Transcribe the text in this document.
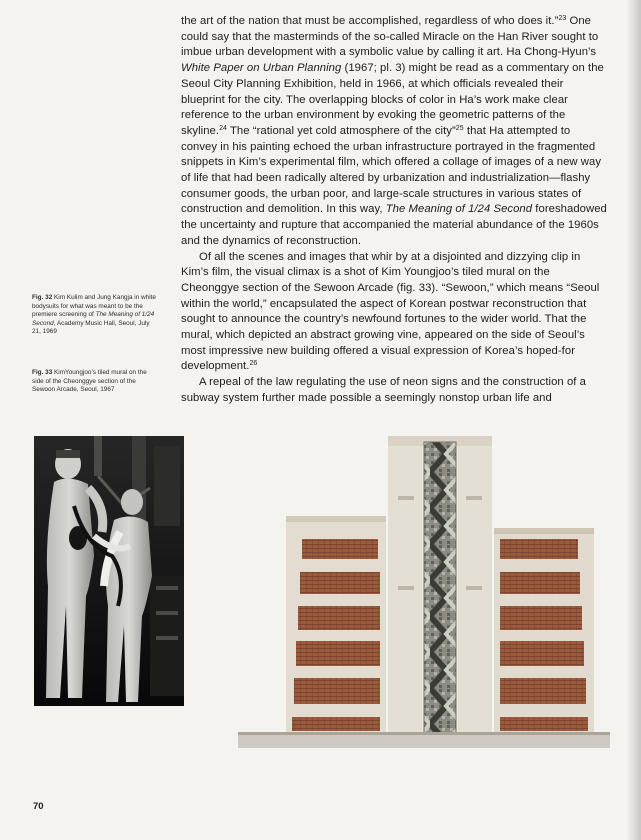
the art of the nation that must be accomplished, regardless of who does it.”$^{23}$ One could say that the masterminds of the so-called Miracle on the Han River sought to imbue urban development with a symbolic value by calling it art. Ha Chong-Hyun’s White Paper on Urban Planning (1967; pl. 3) might be read as a commentary on the Seoul City Planning Exhibition, held in 1966, at which officials revealed their blueprint for the city. The overlapping blocks of color in Ha’s work make clear reference to the urban environment by evoking the geometric patterns of the skyline.$^{24}$ The “rational yet cold atmosphere of the city”$^{25}$ that Ha attempted to convey in his painting echoed the urban infrastructure portrayed in the fragmented snippets in Kim’s experimental film, which offered a collage of images of a new way of life that had been radically altered by urbanization and industrialization—flashy consumer goods, the urban poor, and large-scale structures in various states of construction and demolition. In this way, The Meaning of 1/24 Second foreshadowed the uncertainty and rupture that accompanied the material abundance of the 1960s and the dynamics of reconstruction.

Of all the scenes and images that whir by at a disjointed and dizzying clip in Kim’s film, the visual climax is a shot of Kim Youngjoo’s tiled mural on the Cheonggye section of the Sewoon Arcade (fig. 33). “Sewoon,” which means “Seoul within the world,” encapsulated the aspect of Korean postwar reconstruction that sought to announce the country’s newfound fortunes to the wider world. That the mural, which depicted an abstract growing vine, appeared on the side of Seoul’s most impressive new building offered a visual expression of Korea’s hoped-for development.$^{26}$

A repeal of the law regulating the use of neon signs and the construction of a subway system further made possible a seemingly nonstop urban life and

Fig. 32 Kim Kulim and Jung Kangja in white bodysuits for what was meant to be the premiere screening of The Meaning of 1/24 Second, Academy Music Hall, Seoul, July 21, 1969
Fig. 33 KimYoungjoo’s tiled mural on the side of the Cheonggye section of the Sewoon Arcade, Seoul, 1967
70
